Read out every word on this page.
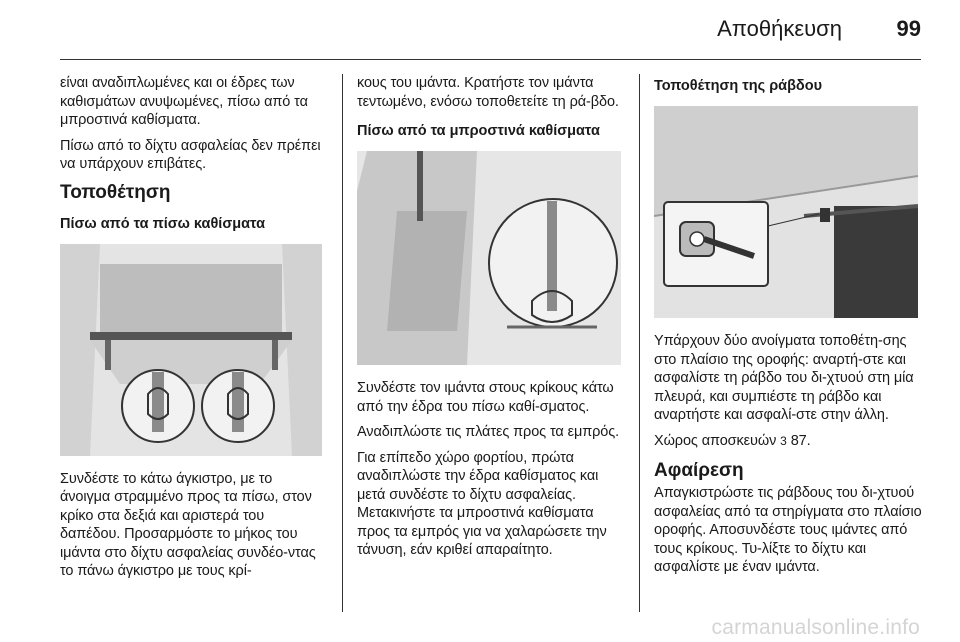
Αποθήκευση 99

είναι αναδιπλωμένες και οι έδρες των καθισμάτων ανυψωμένες, πίσω από τα μπροστινά καθίσματα.

Πίσω από το δίχτυ ασφαλείας δεν πρέπει να υπάρχουν επιβάτες.

Τοποθέτηση
Πίσω από τα πίσω καθίσματα

Συνδέστε το κάτω άγκιστρο, με το άνοιγμα στραμμένο προς τα πίσω, στον κρίκο στα δεξιά και αριστερά του δαπέδου. Προσαρμόστε το μήκος του ιμάντα στο δίχτυ ασφαλείας συνδέο-ντας το πάνω άγκιστρο με τους κρί-

κους του ιμάντα. Κρατήστε τον ιμάντα τεντωμένο, ενόσω τοποθετείτε τη ρά-βδο.

Πίσω από τα μπροστινά καθίσματα

Συνδέστε τον ιμάντα στους κρίκους κάτω από την έδρα του πίσω καθί-σματος.

Αναδιπλώστε τις πλάτες προς τα εμπρός.

Για επίπεδο χώρο φορτίου, πρώτα αναδιπλώστε την έδρα καθίσματος και μετά συνδέστε το δίχτυ ασφαλείας. Μετακινήστε τα μπροστινά καθίσματα προς τα εμπρός για να χαλαρώσετε την τάνυση, εάν κριθεί απαραίτητο.

Τοποθέτηση της ράβδου

Υπάρχουν δύο ανοίγματα τοποθέτη-σης στο πλαίσιο της οροφής: αναρτή-στε και ασφαλίστε τη ράβδο του δι-χτυού στη μία πλευρά, και συμπιέστε τη ράβδο και αναρτήστε και ασφαλί-στε στην άλλη.

Χώρος αποσκευών 3 87.

Αφαίρεση

Απαγκιστρώστε τις ράβδους του δι-χτυού ασφαλείας από τα στηρίγματα στο πλαίσιο οροφής. Αποσυνδέστε τους ιμάντες από τους κρίκους. Τυ-λίξτε το δίχτυ και ασφαλίστε με έναν ιμάντα.

carmanualsonline.info
